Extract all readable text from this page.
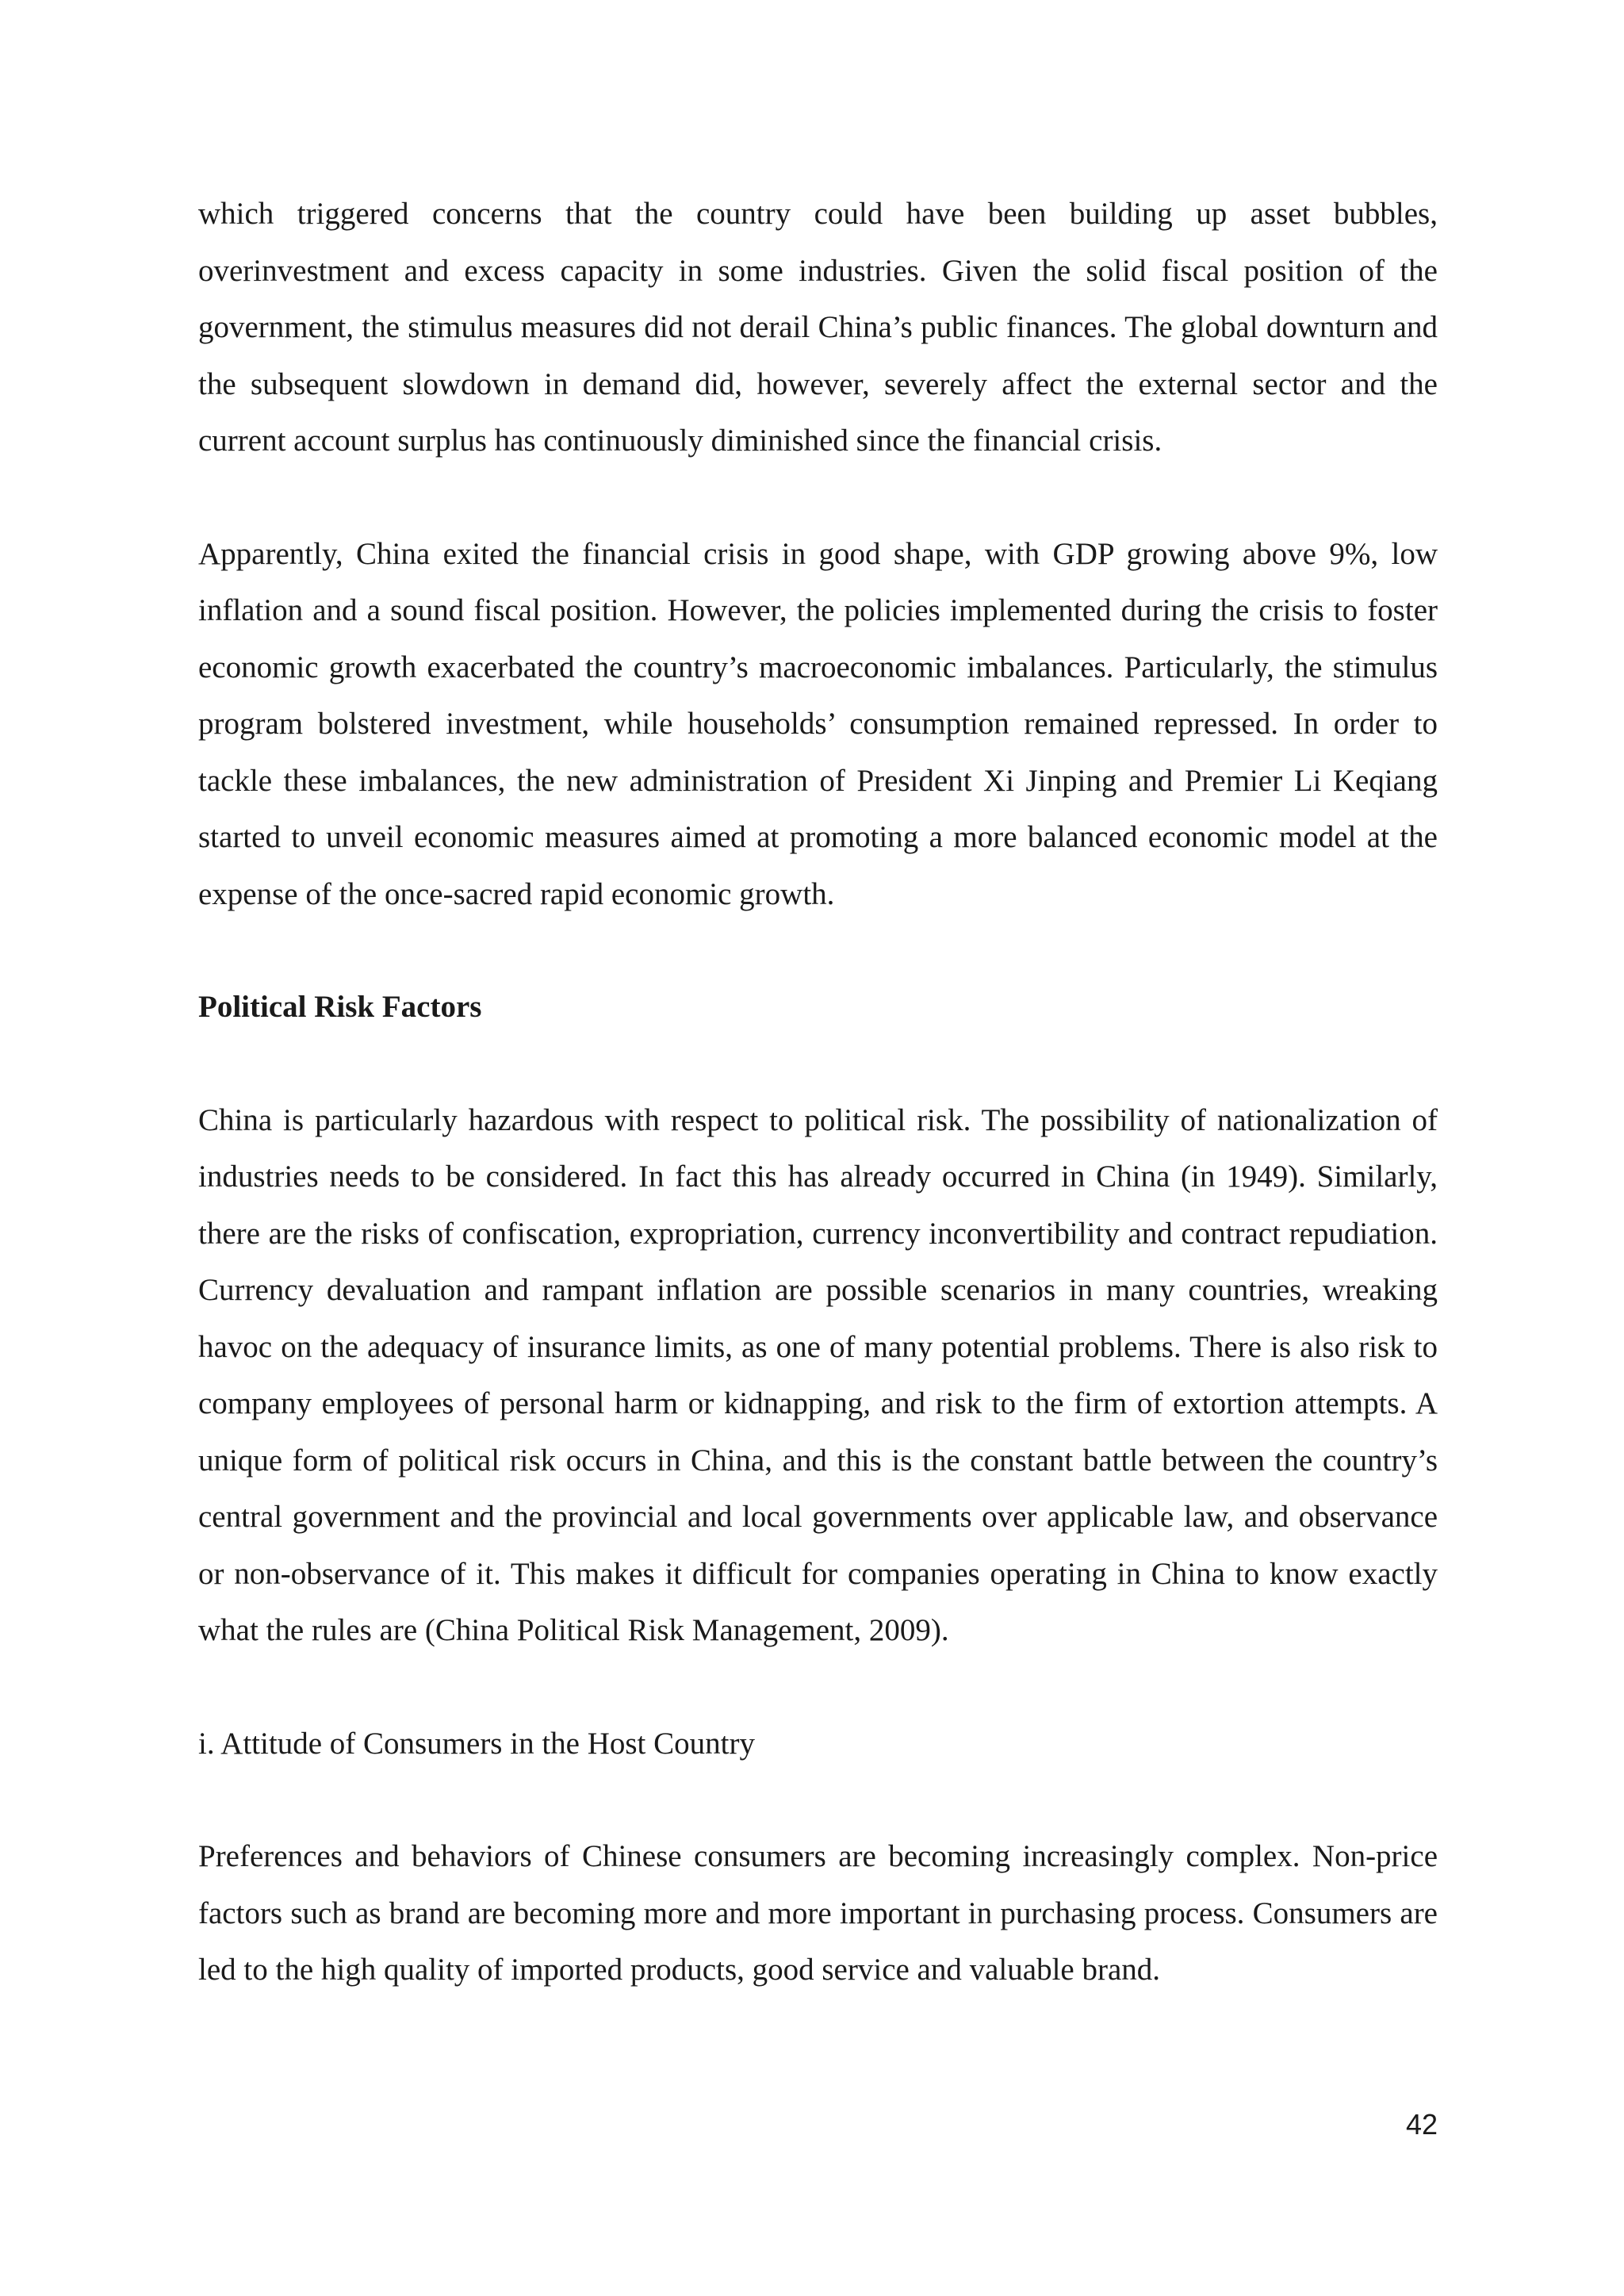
which triggered concerns that the country could have been building up asset bubbles, overinvestment and excess capacity in some industries. Given the solid fiscal position of the government, the stimulus measures did not derail China’s public finances. The global downturn and the subsequent slowdown in demand did, however, severely affect the external sector and the current account surplus has continuously diminished since the financial crisis.

Apparently, China exited the financial crisis in good shape, with GDP growing above 9%, low inflation and a sound fiscal position. However, the policies implemented during the crisis to foster economic growth exacerbated the country’s macroeconomic imbalances. Particularly, the stimulus program bolstered investment, while households’ consumption remained repressed. In order to tackle these imbalances, the new administration of President Xi Jinping and Premier Li Keqiang started to unveil economic measures aimed at promoting a more balanced economic model at the expense of the once-sacred rapid economic growth.

Political Risk Factors

China is particularly hazardous with respect to political risk. The possibility of nationalization of industries needs to be considered. In fact this has already occurred in China (in 1949). Similarly, there are the risks of confiscation, expropriation, currency inconvertibility and contract repudiation. Currency devaluation and rampant inflation are possible scenarios in many countries, wreaking havoc on the adequacy of insurance limits, as one of many potential problems. There is also risk to company employees of personal harm or kidnapping, and risk to the firm of extortion attempts. A unique form of political risk occurs in China, and this is the constant battle between the country’s central government and the provincial and local governments over applicable law, and observance or non-observance of it. This makes it difficult for companies operating in China to know exactly what the rules are (China Political Risk Management, 2009).

i. Attitude of Consumers in the Host Country

Preferences and behaviors of Chinese consumers are becoming increasingly complex. Non-price factors such as brand are becoming more and more important in purchasing process. Consumers are led to the high quality of imported products, good service and valuable brand.

42
